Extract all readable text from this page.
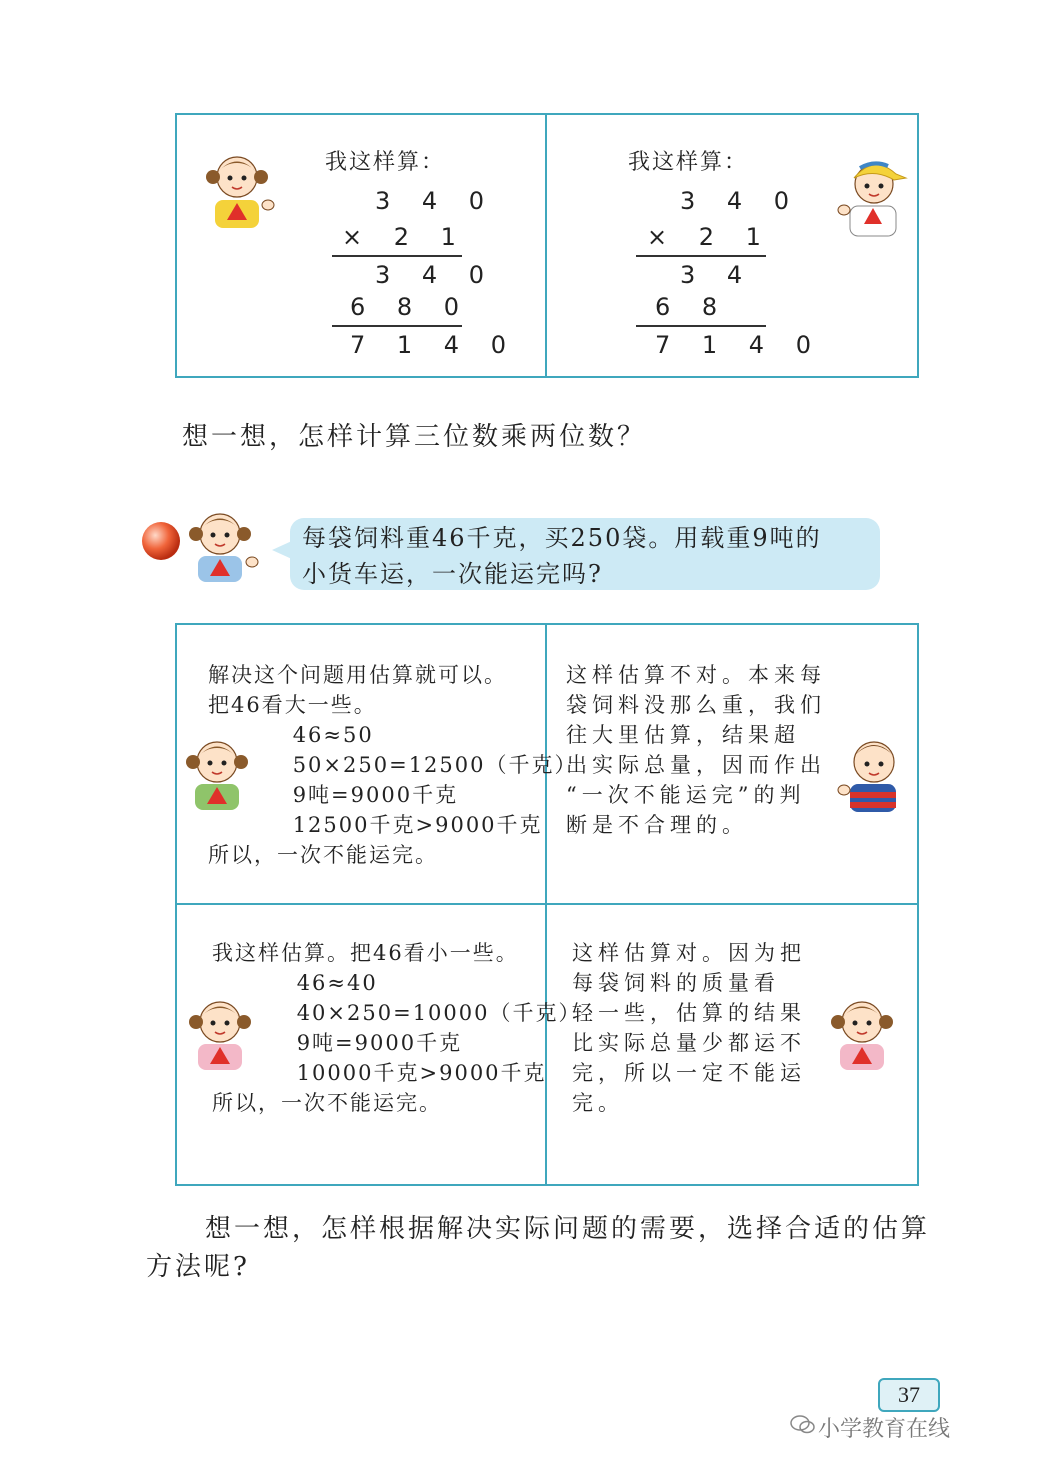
我这样算：
3 4 0
× 2 1
3 4 0
6 8 0
7 1 4 0
我这样算：
3 4 0
× 2 1
3 4
6 8
7 1 4 0
想一想，怎样计算三位数乘两位数？
每袋饲料重46千克，买250袋。用载重9吨的
小货车运，一次能运完吗?
解决这个问题用估算就可以。
把46看大一些。
46≈50
50×250=12500（千克）
9吨=9000千克
12500千克>9000千克
所以，一次不能运完。
这样估算不对。本来每
袋饲料没那么重，我们
往大里估算，结果超
出实际总量，因而作出
“一次不能运完”的判
断是不合理的。
我这样估算。把46看小一些。
46≈40
40×250=10000（千克）
9吨=9000千克
10000千克>9000千克
所以，一次不能运完。
这样估算对。因为把
每袋饲料的质量看
轻一些，估算的结果
比实际总量少都运不
完，所以一定不能运
完。
想一想，怎样根据解决实际问题的需要，选择合适的估算
方法呢?
37
小学教育在线
